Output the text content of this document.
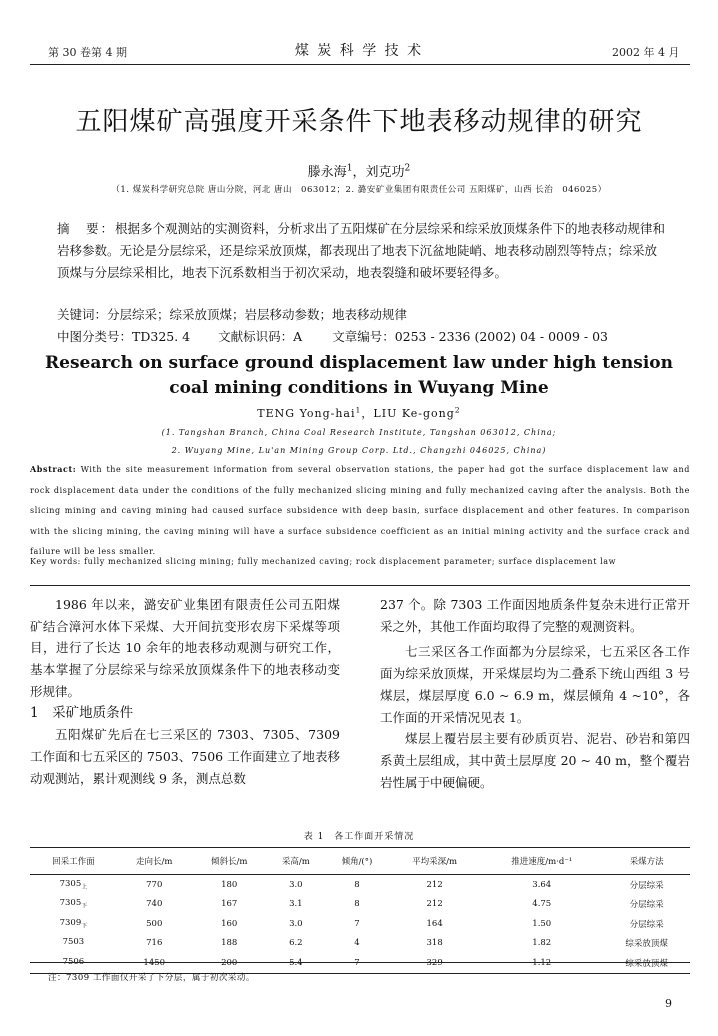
第 30 卷第 4 期	煤 炭 科 学 技 术	2002 年 4 月
五阳煤矿高强度开采条件下地表移动规律的研究
滕永海$^1$，刘克功$^2$
（1. 煤炭科学研究总院 唐山分院，河北 唐山　063012；2. 潞安矿业集团有限责任公司 五阳煤矿，山西 长治　046025）
摘　要：根据多个观测站的实测资料，分析求出了五阳煤矿在分层综采和综采放顶煤条件下的地表移动规律和岩移参数。无论是分层综采，还是综采放顶煤，都表现出了地表下沉盆地陡峭、地表移动剧烈等特点；综采放顶煤与分层综采相比，地表下沉系数相当于初次采动，地表裂缝和破坏要轻得多。
关键词：分层综采；综采放顶煤；岩层移动参数；地表移动规律
中图分类号：TD325. 4 文献标识码：A 文章编号：0253 - 2336 (2002) 04 - 0009 - 03
Research on surface ground displacement law under high tension
coal mining conditions in Wuyang Mine
TENG Yong-hai$^1$，LIU Ke-gong$^2$
(1. Tangshan Branch, China Coal Research Institute, Tangshan 063012, China;
2. Wuyang Mine, Lu'an Mining Group Corp. Ltd., Changzhi 046025, China)
Abstract: With the site measurement information from several observation stations, the paper had got the surface displacement law and rock displacement data under the conditions of the fully mechanized slicing mining and fully mechanized caving after the analysis. Both the slicing mining and caving mining had caused surface subsidence with deep basin, surface displacement and other features. In comparison with the slicing mining, the caving mining will have a surface subsidence coefficient as an initial mining activity and the surface crack and failure will be less smaller.
Key words: fully mechanized slicing mining; fully mechanized caving; rock displacement parameter; surface displacement law

1986 年以来，潞安矿业集团有限责任公司五阳煤矿结合漳河水体下采煤、大开间抗变形农房下采煤等项目，进行了长达 10 余年的地表移动观测与研究工作，基本掌握了分层综采与综采放顶煤条件下的地表移动变形规律。

1　采矿地质条件

五阳煤矿先后在七三采区的 7303、7305、7309 工作面和七五采区的 7503、7506 工作面建立了地表移动观测站，累计观测线 9 条，测点总数

237 个。除 7303 工作面因地质条件复杂未进行正常开采之外，其他工作面均取得了完整的观测资料。

七三采区各工作面都为分层综采，七五采区各工作面为综采放顶煤，开采煤层均为二叠系下统山西组 3 号煤层，煤层厚度 6.0 ~ 6.9 m，煤层倾角 4 ~10°，各工作面的开采情况见表 1。

煤层上覆岩层主要有砂质页岩、泥岩、砂岩和第四系黄土层组成，其中黄土层厚度 20 ~ 40 m，整个覆岩岩性属于中硬偏硬。

表 1　各工作面开采情况
回采工作面	走向长/m	倾斜长/m	采高/m	倾角/(°)	平均采深/m	推进速度/m·d⁻¹	采煤方法
$7305_上$	770	180	3.0	8	212	3.64	分层综采
$7305_下$	740	167	3.1	8	212	4.75	分层综采
$7309_下$	500	160	3.0	7	164	1.50	分层综采
7503	716	188	6.2	4	318	1.82	综采放顶煤
7506	1450	200	5.4	7	329	1.12	综采放顶煤
注：7309 工作面仅开采了下分层，属于初次采动。
9
